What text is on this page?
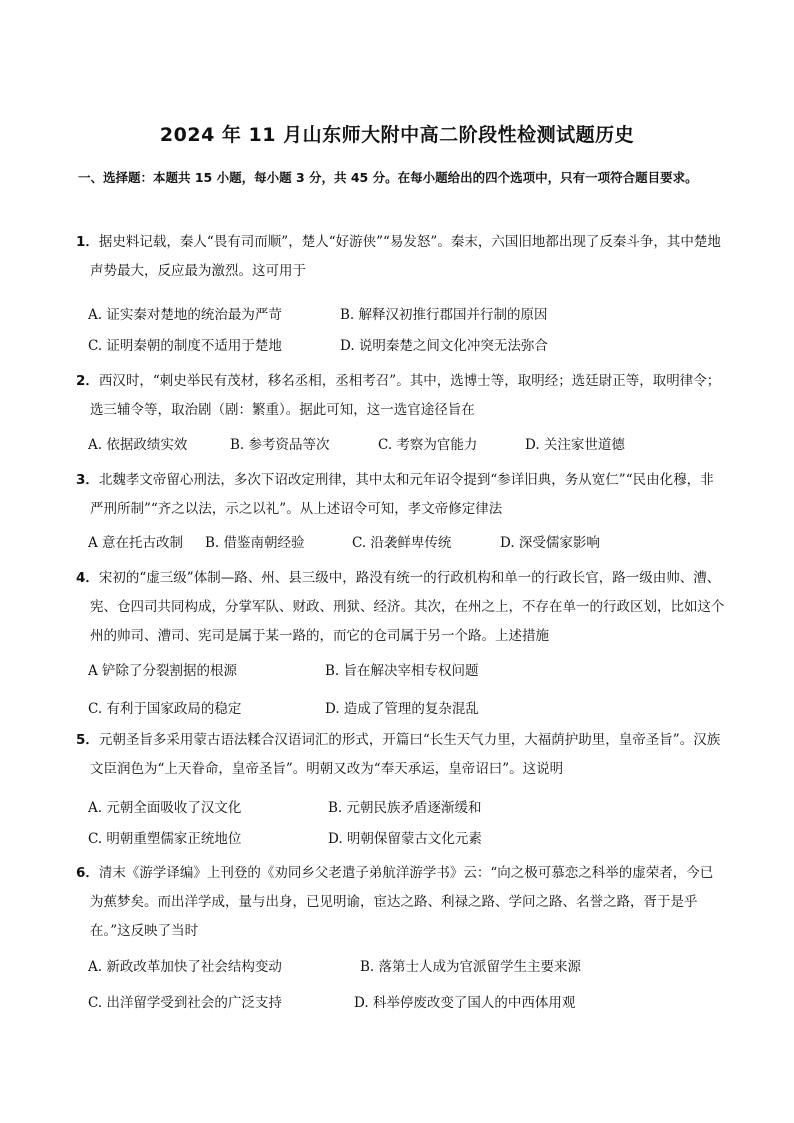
2024 年 11 月山东师大附中高二阶段性检测试题历史
一、选择题：本题共 15 小题，每小题 3 分，共 45 分。在每小题给出的四个选项中，只有一项符合题目要求。
1．据史料记载，秦人“畏有司而顺”，楚人“好游侠”“易发怒”。秦末，六国旧地都出现了反秦斗争，其中楚地声势最大，反应最为激烈。这可用于
A. 证实秦对楚地的统治最为严苛	B. 解释汉初推行郡国并行制的原因
C. 证明秦朝的制度不适用于楚地	D. 说明秦楚之间文化冲突无法弥合
2．西汉时，“刺史举民有茂材，移名丞相，丞相考召”。其中，选博士等，取明经；选廷尉正等，取明律令；选三辅令等，取治剧（剧：繁重）。据此可知，这一选官途径旨在
A. 依据政绩实效	B. 参考资品等次	C. 考察为官能力	D. 关注家世道德
3．北魏孝文帝留心刑法，多次下诏改定刑律，其中太和元年诏令提到“参详旧典，务从宽仁”“民由化穆，非严刑所制”“齐之以法，示之以礼”。从上述诏令可知，孝文帝修定律法
A 意在托古改制 B. 借鉴南朝经验	C. 沿袭鲜卑传统	D. 深受儒家影响
4．宋初的“虚三级”体制—路、州、县三级中，路没有统一的行政机构和单一的行政长官，路一级由帅、漕、宪、仓四司共同构成，分掌军队、财政、刑狱、经济。其次，在州之上，不存在单一的行政区划，比如这个州的帅司、漕司、宪司是属于某一路的，而它的仓司属于另一个路。上述措施
A 铲除了分裂割据的根源	B. 旨在解决宰相专权问题
C. 有利于国家政局的稳定	D. 造成了管理的复杂混乱
5．元朝圣旨多采用蒙古语法糅合汉语词汇的形式，开篇曰“长生天气力里，大福荫护助里，皇帝圣旨”。汉族文臣润色为“上天眷命，皇帝圣旨”。明朝又改为“奉天承运，皇帝诏曰”。这说明
A. 元朝全面吸收了汉文化	B. 元朝民族矛盾逐渐缓和
C. 明朝重塑儒家正统地位	D. 明朝保留蒙古文化元素
6．清末《游学译编》上刊登的《劝同乡父老遣子弟航洋游学书》云：“向之极可慕恋之科举的虚荣者，今已为蕉梦矣。而出洋学成，量与出身，已见明谕，宦达之路、利禄之路、学问之路、名誉之路，胥于是乎在。”这反映了当时
A. 新政改革加快了社会结构变动	B. 落第士人成为官派留学生主要来源
C. 出洋留学受到社会的广泛支持	D. 科举停废改变了国人的中西体用观
